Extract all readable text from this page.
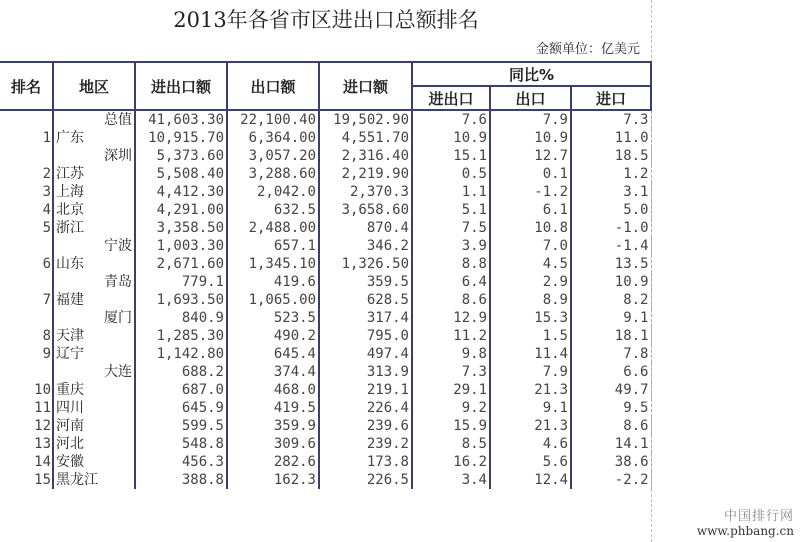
2013年各省市区进出口总额排名
金额单位：亿美元
排名	地区	进出口额	出口额	进口额	同比%		
					进出口	出口	进口
	总值	41,603.30	22,100.40	19,502.90	7.6	7.9	7.3
1	广东	10,915.70	6,364.00	4,551.70	10.9	10.9	11.0
	深圳	5,373.60	3,057.20	2,316.40	15.1	12.7	18.5
2	江苏	5,508.40	3,288.60	2,219.90	0.5	0.1	1.2
3	上海	4,412.30	2,042.0	2,370.3	1.1	-1.2	3.1
4	北京	4,291.00	632.5	3,658.60	5.1	6.1	5.0
5	浙江	3,358.50	2,488.00	870.4	7.5	10.8	-1.0
	宁波	1,003.30	657.1	346.2	3.9	7.0	-1.4
6	山东	2,671.60	1,345.10	1,326.50	8.8	4.5	13.5
	青岛	779.1	419.6	359.5	6.4	2.9	10.9
7	福建	1,693.50	1,065.00	628.5	8.6	8.9	8.2
	厦门	840.9	523.5	317.4	12.9	15.3	9.1
8	天津	1,285.30	490.2	795.0	11.2	1.5	18.1
9	辽宁	1,142.80	645.4	497.4	9.8	11.4	7.8
	大连	688.2	374.4	313.9	7.3	7.9	6.6
10	重庆	687.0	468.0	219.1	29.1	21.3	49.7
11	四川	645.9	419.5	226.4	9.2	9.1	9.5
12	河南	599.5	359.9	239.6	15.9	21.3	8.6
13	河北	548.8	309.6	239.2	8.5	4.6	14.1
14	安徽	456.3	282.6	173.8	16.2	5.6	38.6
15	黑龙江	388.8	162.3	226.5	3.4	12.4	-2.2
中国排行网
www.phbang.cn
